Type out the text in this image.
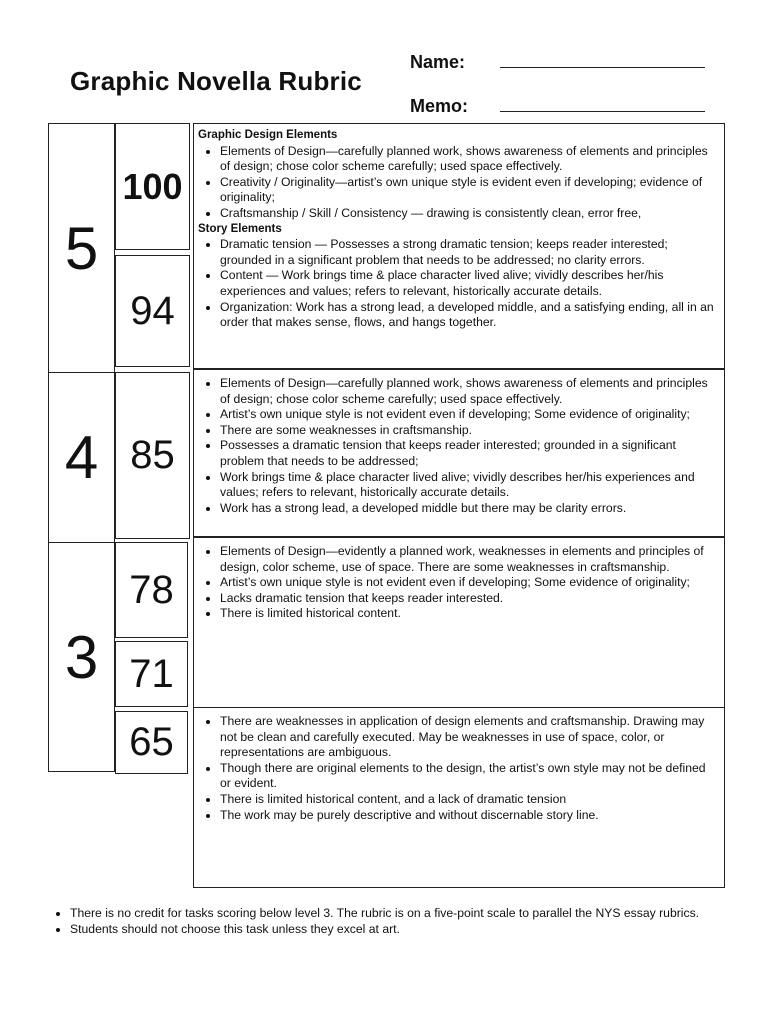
Graphic Novella Rubric
Name:
Memo:
5
4
3
100
94
85
78
71
65
Graphic Design Elements
• Elements of Design—carefully planned work, shows awareness of elements and principles of design; chose color scheme carefully; used space effectively.
• Creativity / Originality—artist’s own unique style is evident even if developing; evidence of originality;
• Craftsmanship / Skill / Consistency — drawing is consistently clean, error free,
Story Elements
• Dramatic tension — Possesses a strong dramatic tension; keeps reader interested; grounded in a significant problem that needs to be addressed; no clarity errors.
• Content — Work brings time & place character lived alive; vividly describes her/his experiences and values; refers to relevant, historically accurate details.
• Organization: Work has a strong lead, a developed middle, and a satisfying ending, all in an order that makes sense, flows, and hangs together.
• Elements of Design—carefully planned work, shows awareness of elements and principles of design; chose color scheme carefully; used space effectively.
• Artist’s own unique style is not evident even if developing; Some evidence of originality;
• There are some weaknesses in craftsmanship.
• Possesses a dramatic tension that keeps reader interested; grounded in a significant problem that needs to be addressed;
• Work brings time & place character lived alive; vividly describes her/his experiences and values; refers to relevant, historically accurate details.
• Work has a strong lead, a developed middle but there may be clarity errors.
• Elements of Design—evidently a planned work, weaknesses in elements and principles of design, color scheme, use of space. There are some weaknesses in craftsmanship.
• Artist’s own unique style is not evident even if developing; Some evidence of originality;
• Lacks dramatic tension that keeps reader interested.
• There is limited historical content.
• There are weaknesses in application of design elements and craftsmanship. Drawing may not be clean and carefully executed. May be weaknesses in use of space, color, or representations are ambiguous.
• Though there are original elements to the design, the artist’s own style may not be defined or evident.
• There is limited historical content, and a lack of dramatic tension
• The work may be purely descriptive and without discernable story line.
• There is no credit for tasks scoring below level 3. The rubric is on a five-point scale to parallel the NYS essay rubrics.
• Students should not choose this task unless they excel at art.
